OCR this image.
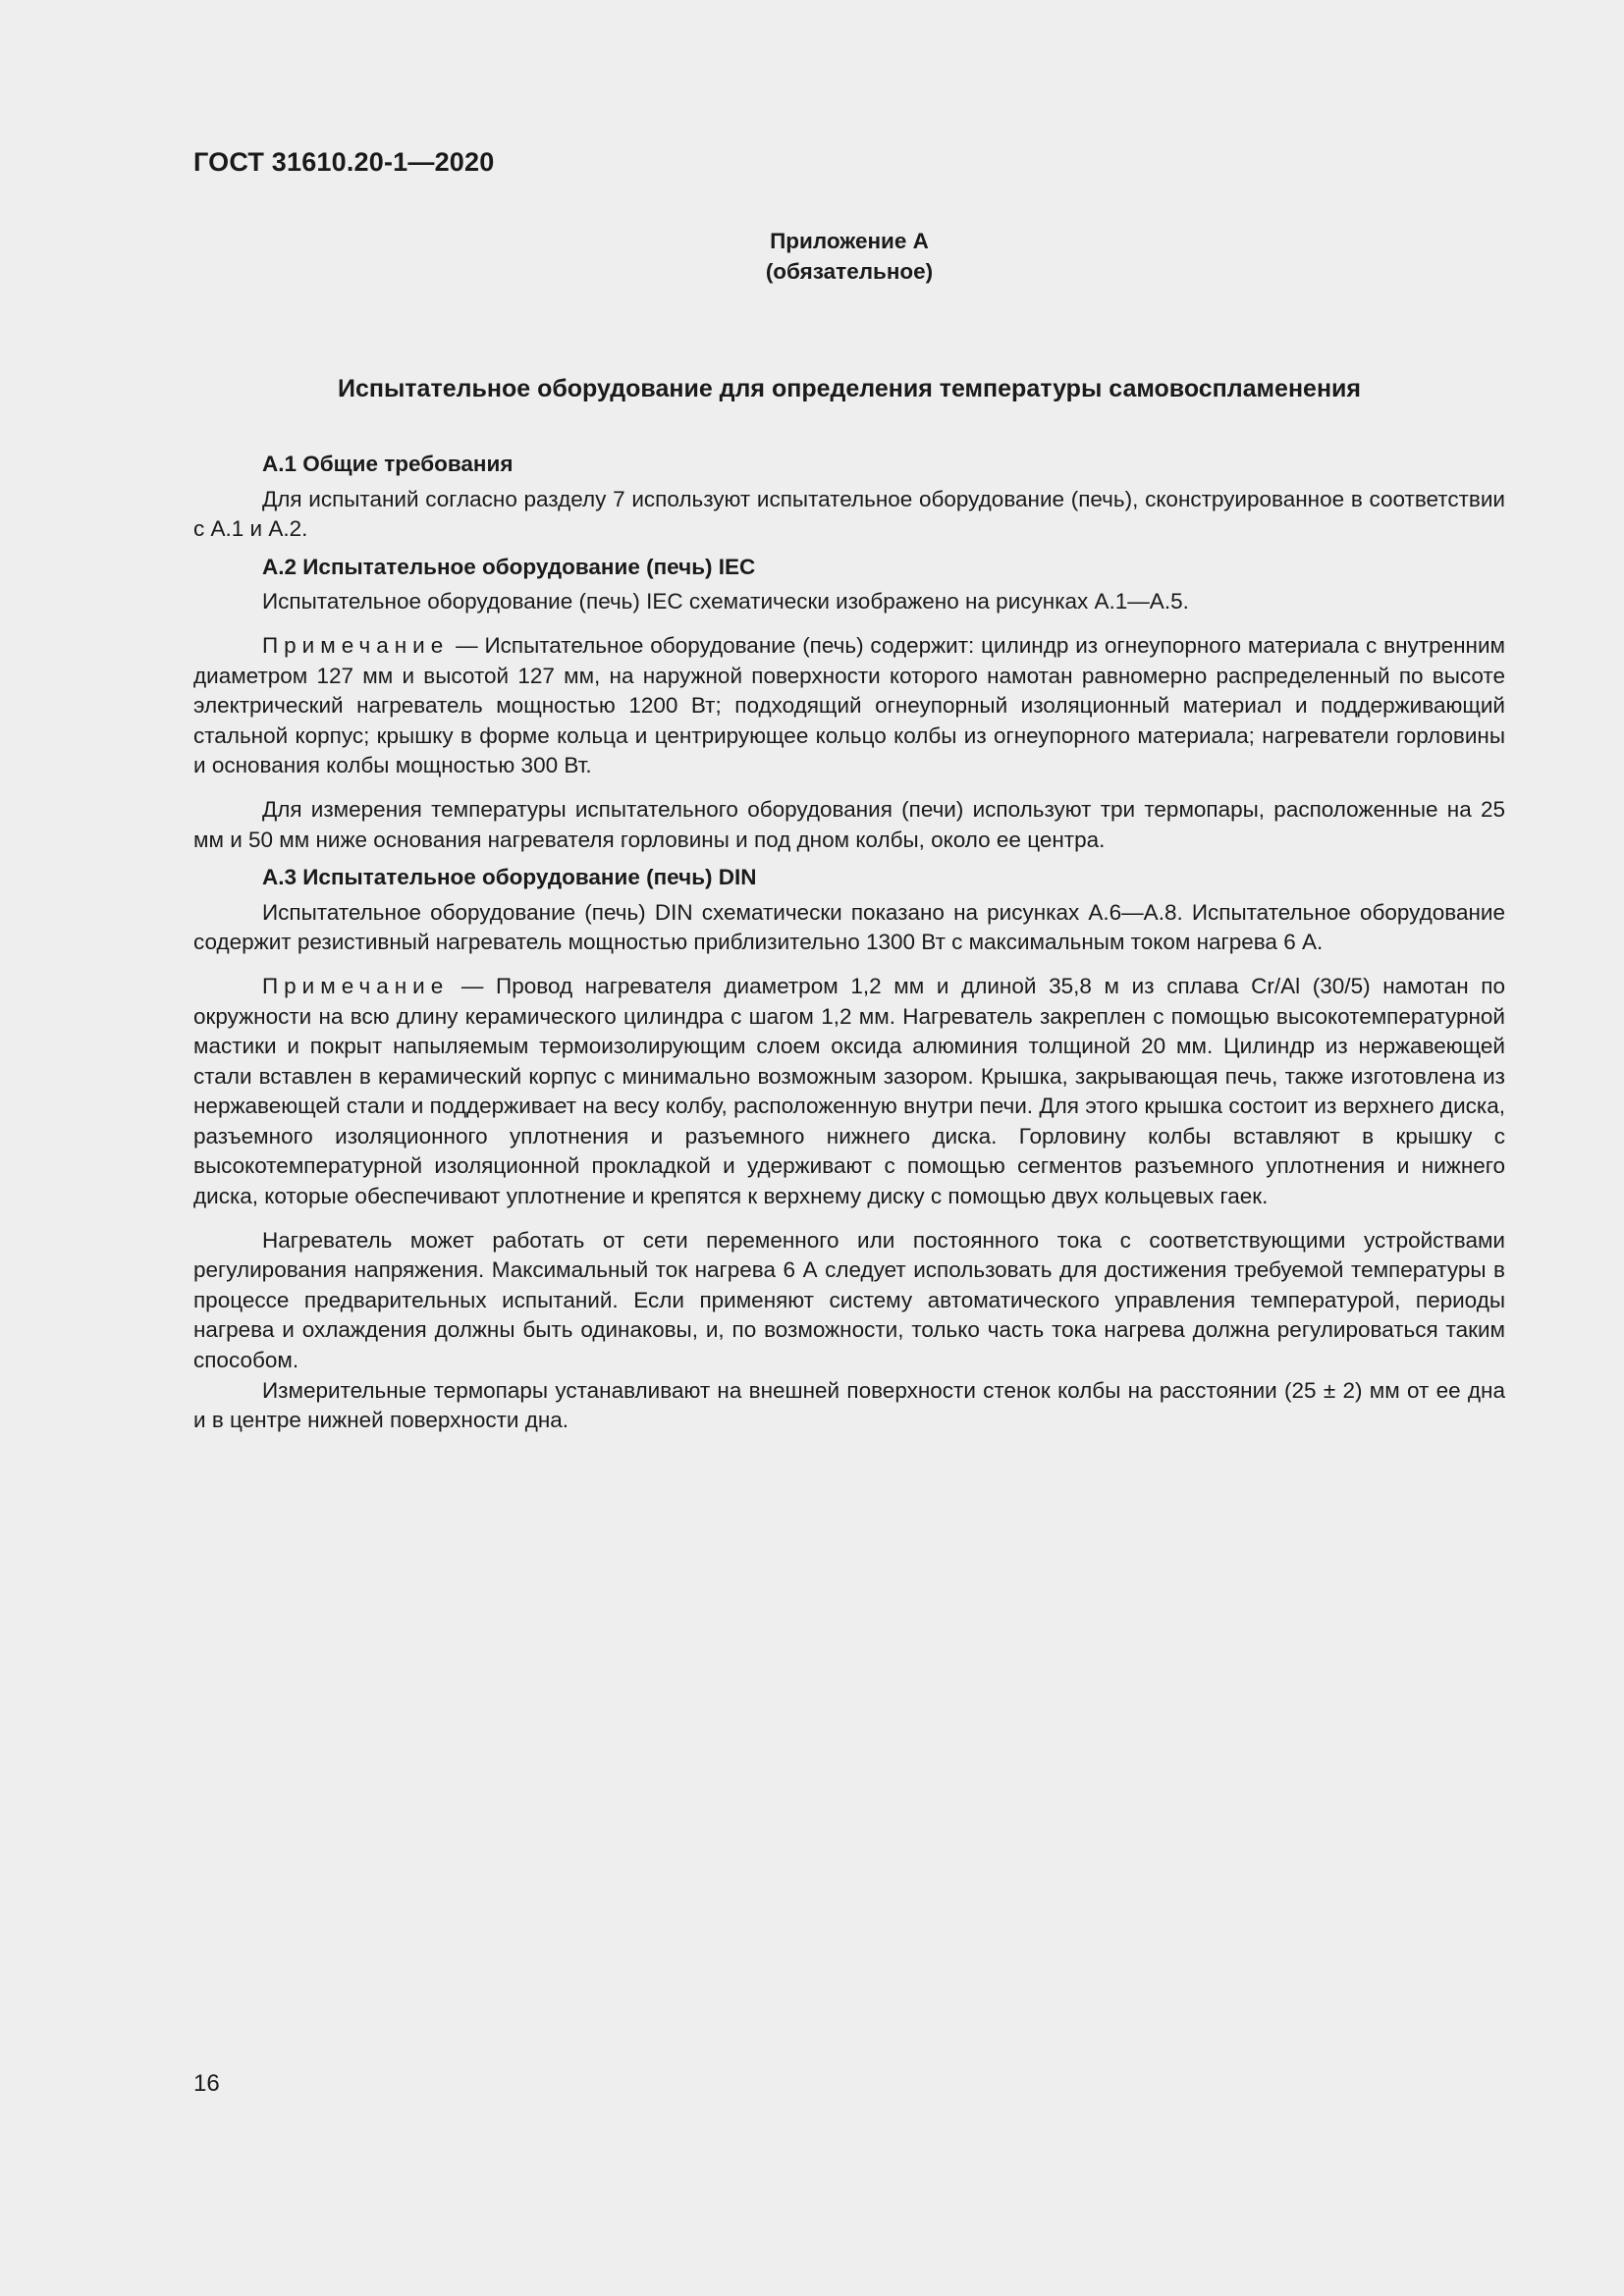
ГОСТ 31610.20-1—2020
Приложение А
(обязательное)
Испытательное оборудование для определения температуры самовоспламенения

А.1 Общие требования

Для испытаний согласно разделу 7 используют испытательное оборудование (печь), сконструированное в соответствии с А.1 и А.2.

А.2 Испытательное оборудование (печь) IEC

Испытательное оборудование (печь) IEC схематически изображено на рисунках А.1—А.5.

Примечание — Испытательное оборудование (печь) содержит: цилиндр из огнеупорного материала с внутренним диаметром 127 мм и высотой 127 мм, на наружной поверхности которого намотан равномерно распределенный по высоте электрический нагреватель мощностью 1200 Вт; подходящий огнеупорный изоляционный материал и поддерживающий стальной корпус; крышку в форме кольца и центрирующее кольцо колбы из огнеупорного материала; нагреватели горловины и основания колбы мощностью 300 Вт.

Для измерения температуры испытательного оборудования (печи) используют три термопары, расположенные на 25 мм и 50 мм ниже основания нагревателя горловины и под дном колбы, около ее центра.

А.3 Испытательное оборудование (печь) DIN

Испытательное оборудование (печь) DIN схематически показано на рисунках А.6—А.8. Испытательное оборудование содержит резистивный нагреватель мощностью приблизительно 1300 Вт с максимальным током нагрева 6 А.

Примечание — Провод нагревателя диаметром 1,2 мм и длиной 35,8 м из сплава Cr/Al (30/5) намотан по окружности на всю длину керамического цилиндра с шагом 1,2 мм. Нагреватель закреплен с помощью высокотемпературной мастики и покрыт напыляемым термоизолирующим слоем оксида алюминия толщиной 20 мм. Цилиндр из нержавеющей стали вставлен в керамический корпус с минимально возможным зазором. Крышка, закрывающая печь, также изготовлена из нержавеющей стали и поддерживает на весу колбу, расположенную внутри печи. Для этого крышка состоит из верхнего диска, разъемного изоляционного уплотнения и разъемного нижнего диска. Горловину колбы вставляют в крышку с высокотемпературной изоляционной прокладкой и удерживают с помощью сегментов разъемного уплотнения и нижнего диска, которые обеспечивают уплотнение и крепятся к верхнему диску с помощью двух кольцевых гаек.

Нагреватель может работать от сети переменного или постоянного тока с соответствующими устройствами регулирования напряжения. Максимальный ток нагрева 6 А следует использовать для достижения требуемой температуры в процессе предварительных испытаний. Если применяют систему автоматического управления температурой, периоды нагрева и охлаждения должны быть одинаковы, и, по возможности, только часть тока нагрева должна регулироваться таким способом.

Измерительные термопары устанавливают на внешней поверхности стенок колбы на расстоянии (25 ± 2) мм от ее дна и в центре нижней поверхности дна.

16
